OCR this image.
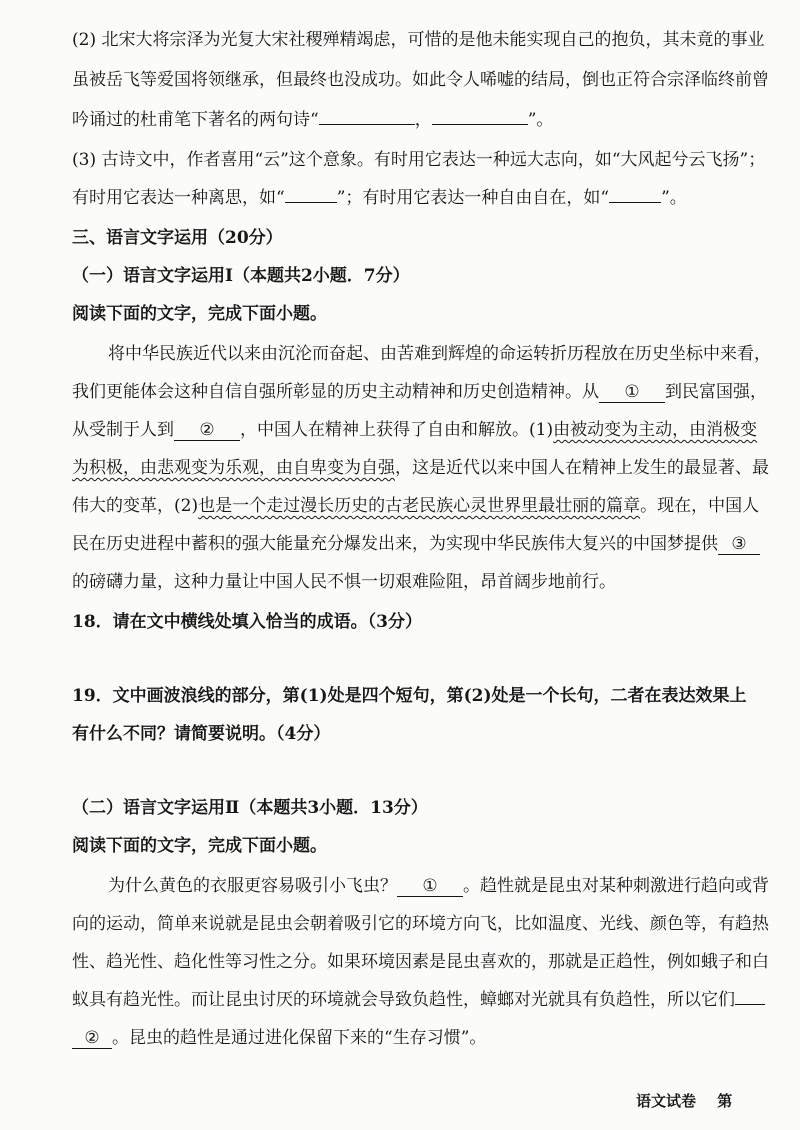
(2) 北宋大将宗泽为光复大宋社稷殚精竭虑，可惜的是他未能实现自己的抱负，其未竟的事业
虽被岳飞等爱国将领继承，但最终也没成功。如此令人唏嘘的结局，倒也正符合宗泽临终前曾
吟诵过的杜甫笔下著名的两句诗“	，	”。
(3) 古诗文中，作者喜用“云”这个意象。有时用它表达一种远大志向，如“大风起兮云飞扬”；
有时用它表达一种离思，如“	”；有时用它表达一种自由自在，如“	”。
三、语言文字运用（20分）
（一）语言文字运用Ⅰ（本题共2小题．7分）
阅读下面的文字，完成下面小题。
将中华民族近代以来由沉沦而奋起、由苦难到辉煌的命运转折历程放在历史坐标中来看，
我们更能体会这种自信自强所彰显的历史主动精神和历史创造精神。从 ① 到民富国强，
从受制于人到 ② ，中国人在精神上获得了自由和解放。(1)由被动变为主动，由消极变
为积极，由悲观变为乐观，由自卑变为自强，这是近代以来中国人在精神上发生的最显著、最
伟大的变革，(2)也是一个走过漫长历史的古老民族心灵世界里最壮丽的篇章。现在，中国人
民在历史进程中蓄积的强大能量充分爆发出来，为实现中华民族伟大复兴的中国梦提供 ③
的磅礴力量，这种力量让中国人民不惧一切艰难险阻，昂首阔步地前行。
18．请在文中横线处填入恰当的成语。（3分）
19．文中画波浪线的部分，第(1)处是四个短句，第(2)处是一个长句，二者在表达效果上
有什么不同？请简要说明。（4分）
（二）语言文字运用Ⅱ（本题共3小题．13分）
阅读下面的文字，完成下面小题。
为什么黄色的衣服更容易吸引小飞虫？ ① 。趋性就是昆虫对某种刺激进行趋向或背
向的运动，简单来说就是昆虫会朝着吸引它的环境方向飞，比如温度、光线、颜色等，有趋热
性、趋光性、趋化性等习性之分。如果环境因素是昆虫喜欢的，那就是正趋性，例如蛾子和白
蚁具有趋光性。而让昆虫讨厌的环境就会导致负趋性，蟑螂对光就具有负趋性，所以它们
② 。昆虫的趋性是通过进化保留下来的“生存习惯”。
语文试卷 第
